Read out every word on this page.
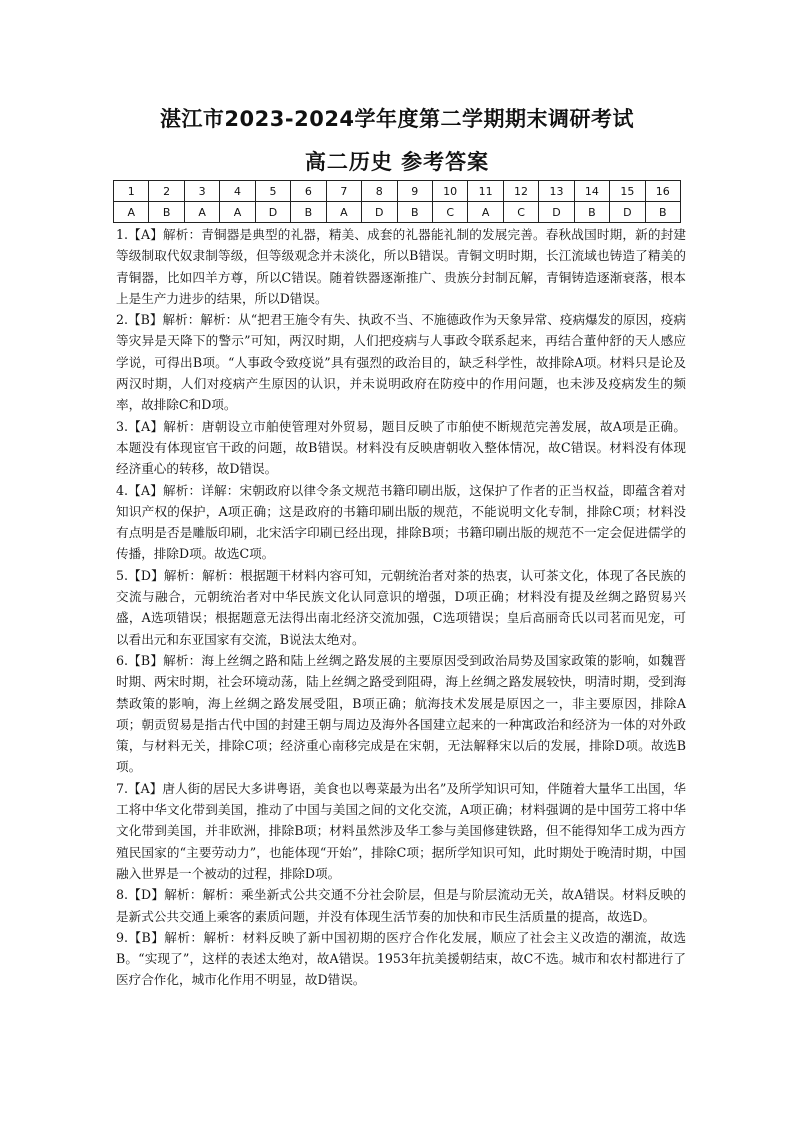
湛江市2023-2024学年度第二学期期末调研考试
高二历史 参考答案
1	2	3	4	5	6	7	8	9	10	11	12	13	14	15	16
A	B	A	A	D	B	A	D	B	C	A	C	D	B	D	B

1.【A】解析：青铜器是典型的礼器，精美、成套的礼器能礼制的发展完善。春秋战国时期，新的封建等级制取代奴隶制等级，但等级观念并未淡化，所以B错误。青铜文明时期，长江流域也铸造了精美的青铜器，比如四羊方尊，所以C错误。随着铁器逐渐推广、贵族分封制瓦解，青铜铸造逐渐衰落，根本上是生产力进步的结果，所以D错误。

2.【B】解析：解析：从“把君王施令有失、执政不当、不施德政作为天象异常、疫病爆发的原因，疫病等灾异是天降下的警示”可知，两汉时期，人们把疫病与人事政令联系起来，再结合董仲舒的天人感应学说，可得出B项。“人事政令致疫说”具有强烈的政治目的，缺乏科学性，故排除A项。材料只是论及两汉时期，人们对疫病产生原因的认识，并未说明政府在防疫中的作用问题，也未涉及疫病发生的频率，故排除C和D项。

3.【A】解析：唐朝设立市舶使管理对外贸易，题目反映了市舶使不断规范完善发展，故A项是正确。本题没有体现宦官干政的问题，故B错误。材料没有反映唐朝收入整体情况，故C错误。材料没有体现经济重心的转移，故D错误。

4.【A】解析：详解：宋朝政府以律令条文规范书籍印刷出版，这保护了作者的正当权益，即蕴含着对知识产权的保护，A项正确；这是政府的书籍印刷出版的规范，不能说明文化专制，排除C项；材料没有点明是否是雕版印刷，北宋活字印刷已经出现，排除B项；书籍印刷出版的规范不一定会促进儒学的传播，排除D项。故选C项。

5.【D】解析：解析：根据题干材料内容可知，元朝统治者对茶的热衷，认可茶文化，体现了各民族的交流与融合，元朝统治者对中华民族文化认同意识的增强，D项正确；材料没有提及丝绸之路贸易兴盛，A选项错误；根据题意无法得出南北经济交流加强，C选项错误；皇后高丽奇氏以司茗而见宠，可以看出元和东亚国家有交流，B说法太绝对。

6.【B】解析：海上丝绸之路和陆上丝绸之路发展的主要原因受到政治局势及国家政策的影响，如魏晋时期、两宋时期，社会环境动荡，陆上丝绸之路受到阻碍，海上丝绸之路发展较快，明清时期，受到海禁政策的影响，海上丝绸之路发展受阻，B项正确；航海技术发展是原因之一，非主要原因，排除A项；朝贡贸易是指古代中国的封建王朝与周边及海外各国建立起来的一种寓政治和经济为一体的对外政策，与材料无关，排除C项；经济重心南移完成是在宋朝，无法解释宋以后的发展，排除D项。故选B项。

7.【A】唐人街的居民大多讲粤语，美食也以粤菜最为出名”及所学知识可知，伴随着大量华工出国，华工将中华文化带到美国，推动了中国与美国之间的文化交流，A项正确；材料强调的是中国劳工将中华文化带到美国，并非欧洲，排除B项；材料虽然涉及华工参与美国修建铁路，但不能得知华工成为西方殖民国家的“主要劳动力”，也能体现“开始”，排除C项；据所学知识可知，此时期处于晚清时期，中国融入世界是一个被动的过程，排除D项。

8.【D】解析：解析：乘坐新式公共交通不分社会阶层，但是与阶层流动无关，故A错误。材料反映的是新式公共交通上乘客的素质问题，并没有体现生活节奏的加快和市民生活质量的提高，故选D。

9.【B】解析：解析：材料反映了新中国初期的医疗合作化发展，顺应了社会主义改造的潮流，故选B。“实现了”，这样的表述太绝对，故A错误。1953年抗美援朝结束，故C不选。城市和农村都进行了医疗合作化，城市化作用不明显，故D错误。
